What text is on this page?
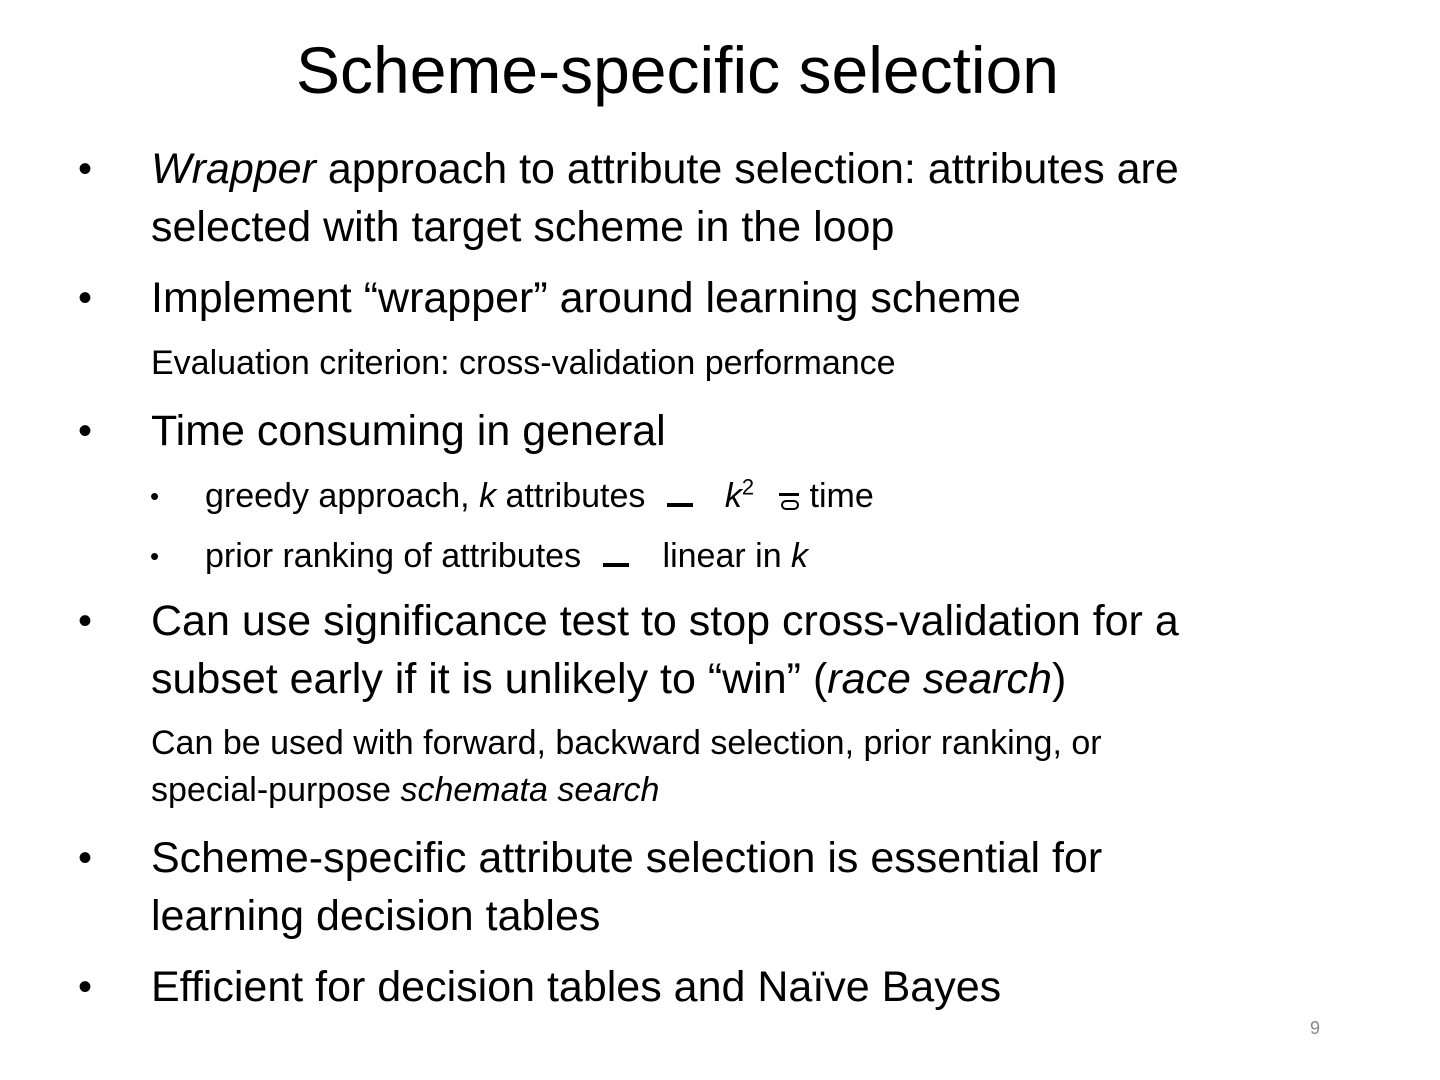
Scheme-specific selection
• Wrapper approach to attribute selection: attributes are
selected with target scheme in the loop
• Implement “wrapper” around learning scheme
Evaluation criterion: cross-validation performance
• Time consuming in general
• greedy approach, k attributes $k^2$ time
• prior ranking of attributes linear in k
• Can use significance test to stop cross-validation for a
subset early if it is unlikely to “win” (race search)
Can be used with forward, backward selection, prior ranking, or
special-purpose schemata search
• Scheme-specific attribute selection is essential for
learning decision tables
• Efficient for decision tables and Naïve Bayes
9
